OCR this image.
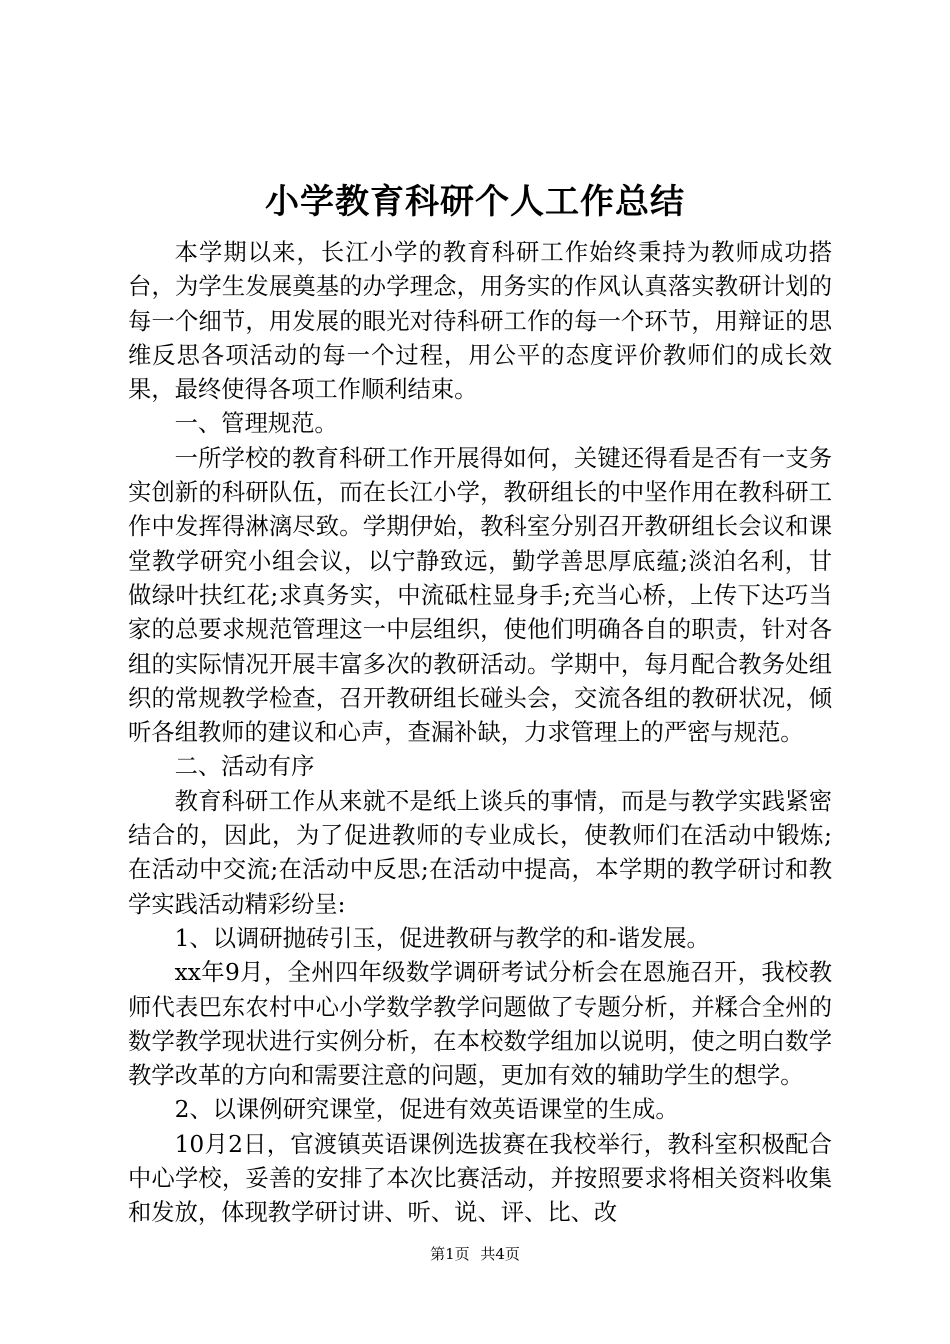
小学教育科研个人工作总结

本学期以来，长江小学的教育科研工作始终秉持为教师成功搭台，为学生发展奠基的办学理念，用务实的作风认真落实教研计划的每一个细节，用发展的眼光对待科研工作的每一个环节，用辩证的思维反思各项活动的每一个过程，用公平的态度评价教师们的成长效果，最终使得各项工作顺利结束。

一、管理规范。

一所学校的教育科研工作开展得如何，关键还得看是否有一支务实创新的科研队伍，而在长江小学，教研组长的中坚作用在教科研工作中发挥得淋漓尽致。学期伊始，教科室分别召开教研组长会议和课堂教学研究小组会议，以宁静致远，勤学善思厚底蕴;淡泊名利，甘做绿叶扶红花;求真务实，中流砥柱显身手;充当心桥，上传下达巧当家的总要求规范管理这一中层组织，使他们明确各自的职责，针对各组的实际情况开展丰富多次的教研活动。学期中，每月配合教务处组织的常规教学检查，召开教研组长碰头会，交流各组的教研状况，倾听各组教师的建议和心声，查漏补缺，力求管理上的严密与规范。

二、活动有序

教育科研工作从来就不是纸上谈兵的事情，而是与教学实践紧密结合的，因此，为了促进教师的专业成长，使教师们在活动中锻炼;在活动中交流;在活动中反思;在活动中提高，本学期的教学研讨和教学实践活动精彩纷呈:

1、以调研抛砖引玉，促进教研与教学的和-谐发展。

xx年9月，全州四年级数学调研考试分析会在恩施召开，我校教师代表巴东农村中心小学数学教学问题做了专题分析，并糅合全州的数学教学现状进行实例分析，在本校数学组加以说明，使之明白数学教学改革的方向和需要注意的问题，更加有效的辅助学生的想学。

2、以课例研究课堂，促进有效英语课堂的生成。

10月2日，官渡镇英语课例选拔赛在我校举行，教科室积极配合中心学校，妥善的安排了本次比赛活动，并按照要求将相关资料收集和发放，体现教学研讨讲、听、说、评、比、改

第1页 共4页
